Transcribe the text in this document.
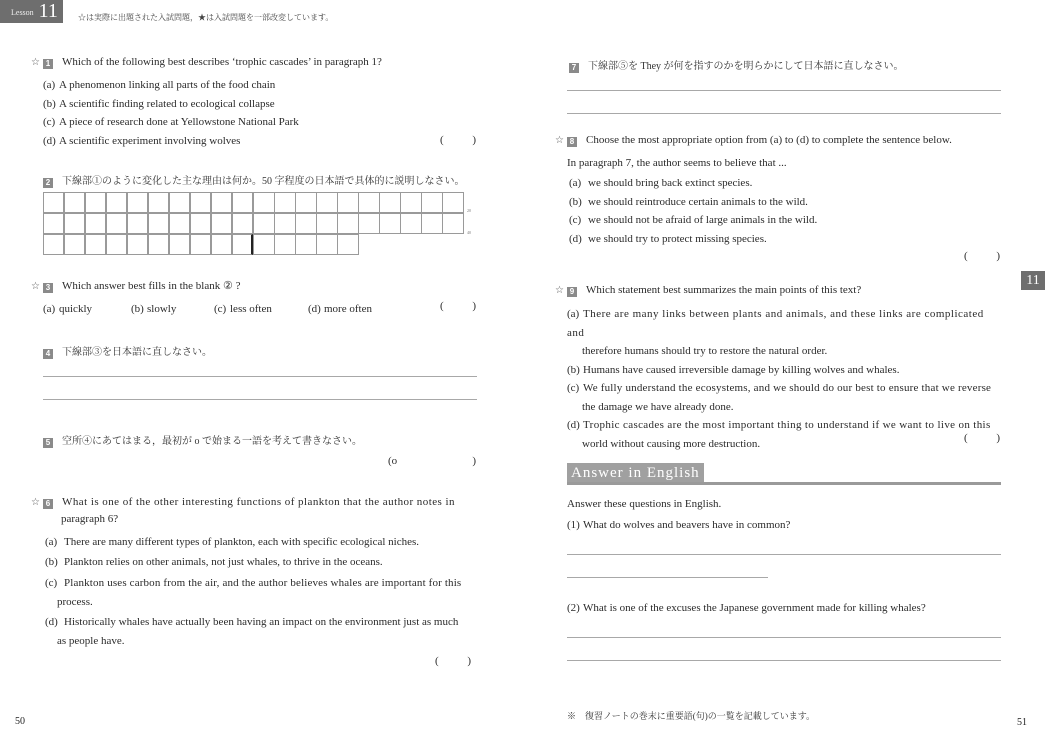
Lesson 11	☆は実際に出題された入試問題，★は入試問題を一部改変しています。
11
☆ 1 Which of the following best describes ‘trophic cascades’ in paragraph 1?
(a) A phenomenon linking all parts of the food chain
(b) A scientific finding related to ecological collapse
(c) A piece of research done at Yellowstone National Park
(d) A scientific experiment involving wolves	(	)
2 下線部①のように変化した主な理由は何か。50 字程度の日本語で具体的に説明しなさい。
20
40
☆ 3 Which answer best fills in the blank ② ?
(a) quickly	(b) slowly	(c) less often	(d) more often	(	)
4 下線部③を日本語に直しなさい。
5 空所④にあてはまる，最初が o で始まる一語を考えて書きなさい。
(o	)
☆ 6 What is one of the other interesting functions of plankton that the author notes in
paragraph 6?
(a) There are many different types of plankton, each with specific ecological niches.
(b) Plankton relies on other animals, not just whales, to thrive in the oceans.
(c) Plankton uses carbon from the air, and the author believes whales are important for this
process.
(d) Historically whales have actually been having an impact on the environment just as much
as people have.
(	)
50
7 下線部⑤を They が何を指すのかを明らかにして日本語に直しなさい。
☆ 8 Choose the most appropriate option from (a) to (d) to complete the sentence below.
In paragraph 7, the author seems to believe that ...
(a) we should bring back extinct species.
(b) we should reintroduce certain animals to the wild.
(c) we should not be afraid of large animals in the wild.
(d) we should try to protect missing species.
(	)
☆ 9 Which statement best summarizes the main points of this text?
(a) There are many links between plants and animals, and these links are complicated and
therefore humans should try to restore the natural order.
(b) Humans have caused irreversible damage by killing wolves and whales.
(c) We fully understand the ecosystems, and we should do our best to ensure that we reverse
the damage we have already done.
(d) Trophic cascades are the most important thing to understand if we want to live on this
world without causing more destruction.	(	)
Answer in English
Answer these questions in English.
(1) What do wolves and beavers have in common?
(2) What is one of the excuses the Japanese government made for killing whales?
※　復習ノートの巻末に重要語(句)の一覧を記載しています。
51
